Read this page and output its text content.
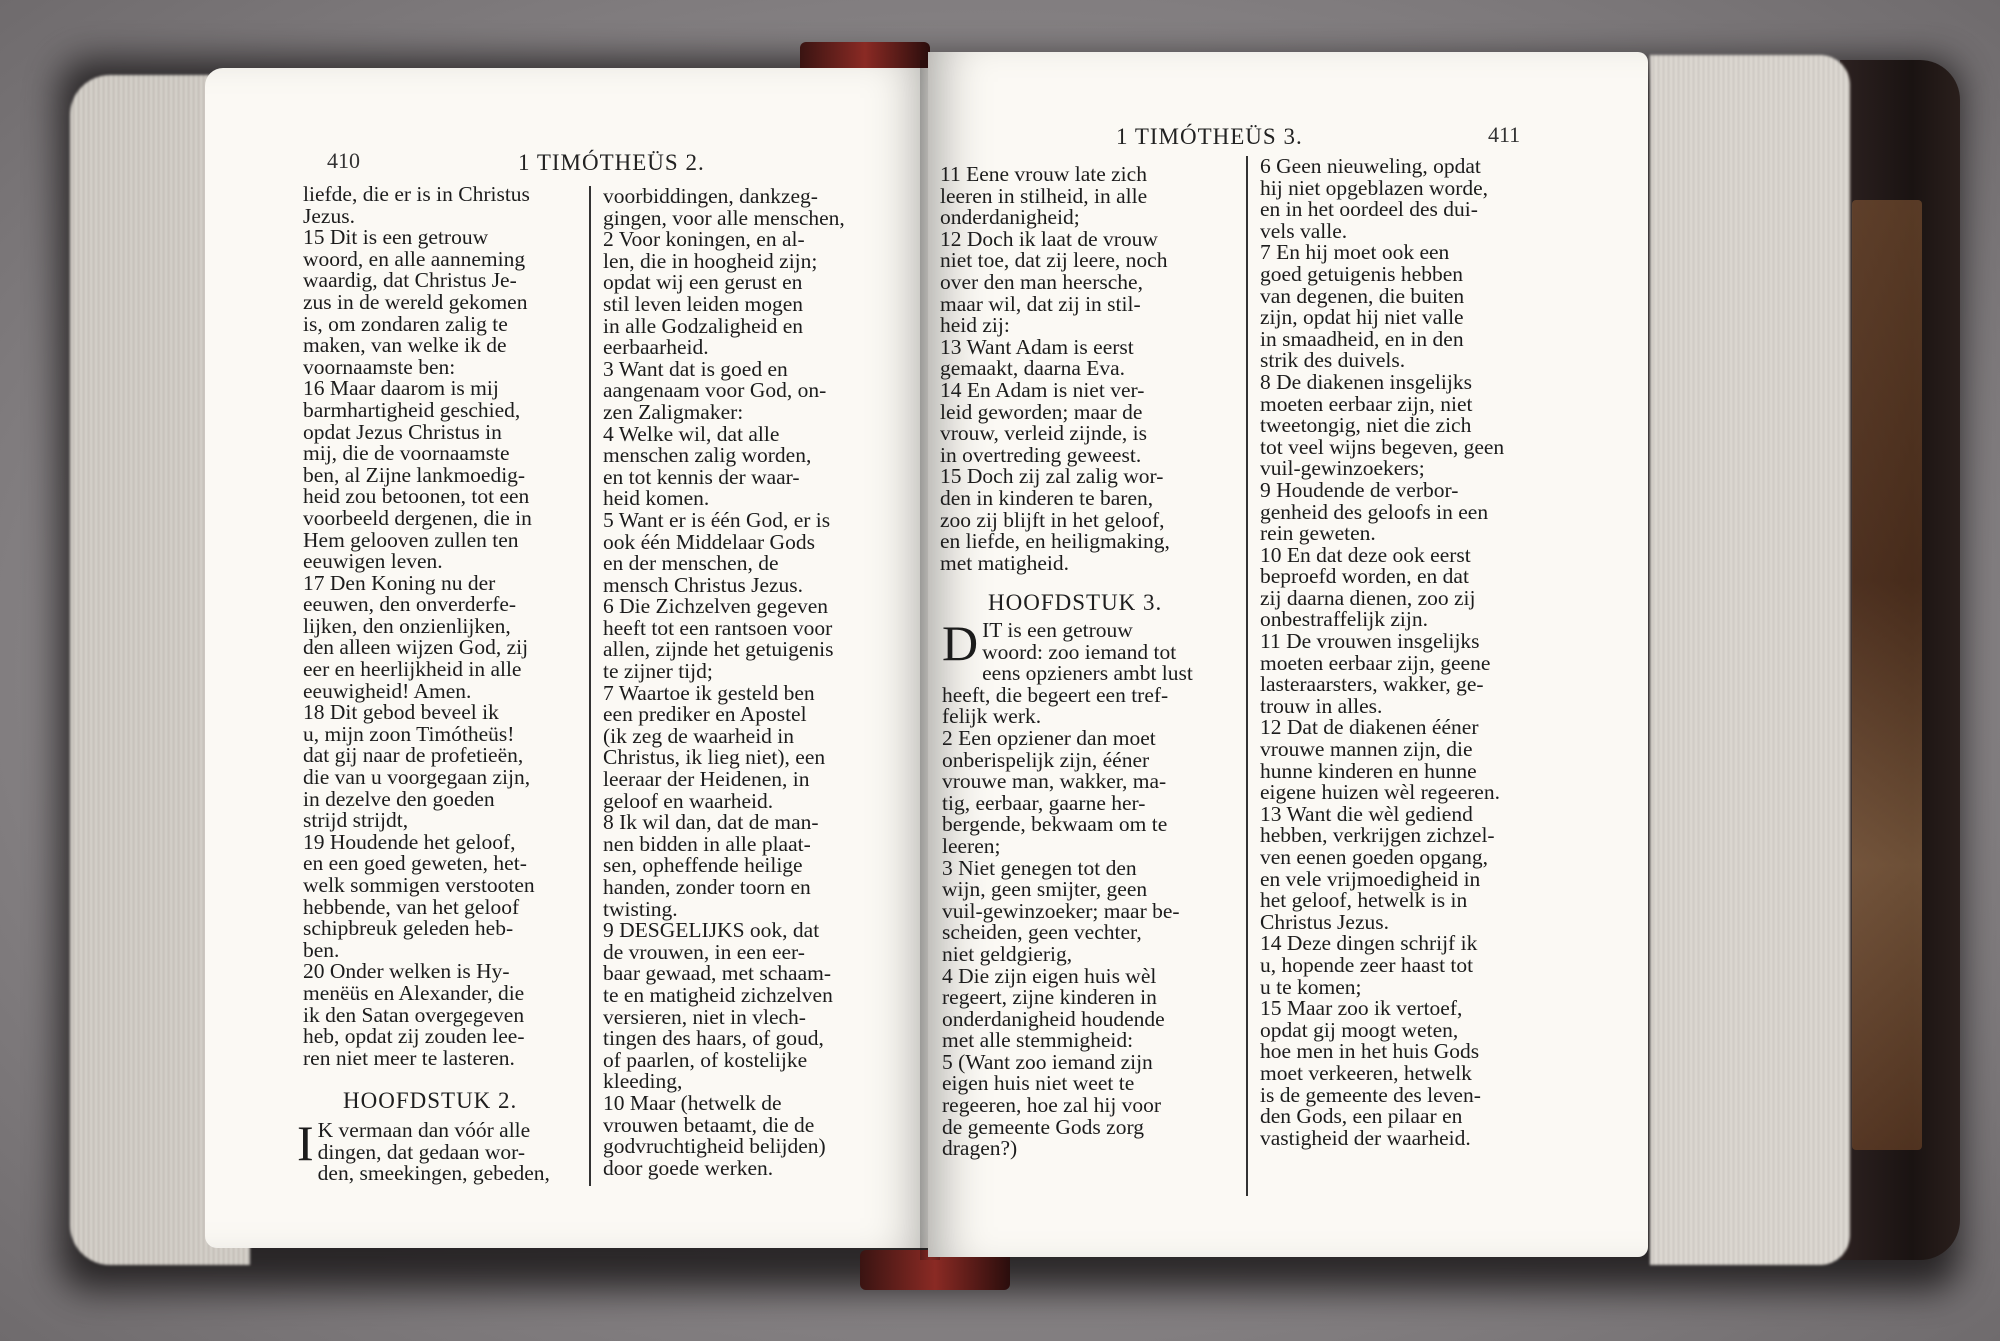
410	1 TIMÓTHEÜS 2.
liefde, die er is in Christus
Jezus.
15 Dit is een getrouw
woord, en alle aanneming
waardig, dat Christus Je-
zus in de wereld gekomen
is, om zondaren zalig te
maken, van welke ik de
voornaamste ben:
16 Maar daarom is mij
barmhartigheid geschied,
opdat Jezus Christus in
mij, die de voornaamste
ben, al Zijne lankmoedig-
heid zou betoonen, tot een
voorbeeld dergenen, die in
Hem gelooven zullen ten
eeuwigen leven.
17 Den Koning nu der
eeuwen, den onverderfe-
lijken, den onzienlijken,
den alleen wijzen God, zij
eer en heerlijkheid in alle
eeuwigheid! Amen.
18 Dit gebod beveel ik
u, mijn zoon Timótheüs!
dat gij naar de profetieën,
die van u voorgegaan zijn,
in dezelve den goeden
strijd strijdt,
19 Houdende het geloof,
en een goed geweten, het-
welk sommigen verstooten
hebbende, van het geloof
schipbreuk geleden heb-
ben.
20 Onder welken is Hy-
menëüs en Alexander, die
ik den Satan overgegeven
heb, opdat zij zouden lee-
ren niet meer te lasteren.
HOOFDSTUK 2.
I K vermaan dan vóór alle
dingen, dat gedaan wor-
den, smeekingen, gebeden,
voorbiddingen, dankzeg-
gingen, voor alle menschen,
2 Voor koningen, en al-
len, die in hoogheid zijn;
opdat wij een gerust en
stil leven leiden mogen
in alle Godzaligheid en
eerbaarheid.
3 Want dat is goed en
aangenaam voor God, on-
zen Zaligmaker:
4 Welke wil, dat alle
menschen zalig worden,
en tot kennis der waar-
heid komen.
5 Want er is één God, er is
ook één Middelaar Gods
en der menschen, de
mensch Christus Jezus.
6 Die Zichzelven gegeven
heeft tot een rantsoen voor
allen, zijnde het getuigenis
te zijner tijd;
7 Waartoe ik gesteld ben
een prediker en Apostel
(ik zeg de waarheid in
Christus, ik lieg niet), een
leeraar der Heidenen, in
geloof en waarheid.
8 Ik wil dan, dat de man-
nen bidden in alle plaat-
sen, opheffende heilige
handen, zonder toorn en
twisting.
9 DESGELIJKS ook, dat
de vrouwen, in een eer-
baar gewaad, met schaam-
te en matigheid zichzelven
versieren, niet in vlech-
tingen des haars, of goud,
of paarlen, of kostelijke
kleeding,
10 Maar (hetwelk de
vrouwen betaamt, die de
godvruchtigheid belijden)
door goede werken.
1 TIMÓTHEÜS 3.	411
11 Eene vrouw late zich
leeren in stilheid, in alle
onderdanigheid;
12 Doch ik laat de vrouw
niet toe, dat zij leere, noch
over den man heersche,
maar wil, dat zij in stil-
heid zij:
13 Want Adam is eerst
gemaakt, daarna Eva.
14 En Adam is niet ver-
leid geworden; maar de
vrouw, verleid zijnde, is
in overtreding geweest.
15 Doch zij zal zalig wor-
den in kinderen te baren,
zoo zij blijft in het geloof,
en liefde, en heiligmaking,
met matigheid.
HOOFDSTUK 3.
DIT is een getrouw
woord: zoo iemand tot
eens opzieners ambt lust
heeft, die begeert een tref-
felijk werk.
2 Een opziener dan moet
onberispelijk zijn, ééner
vrouwe man, wakker, ma-
tig, eerbaar, gaarne her-
bergende, bekwaam om te
leeren;
3 Niet genegen tot den
wijn, geen smijter, geen
vuil-gewinzoeker; maar be-
scheiden, geen vechter,
niet geldgierig,
4 Die zijn eigen huis wèl
regeert, zijne kinderen in
onderdanigheid houdende
met alle stemmigheid:
5 (Want zoo iemand zijn
eigen huis niet weet te
regeeren, hoe zal hij voor
de gemeente Gods zorg
dragen?)
6 Geen nieuweling, opdat
hij niet opgeblazen worde,
en in het oordeel des dui-
vels valle.
7 En hij moet ook een
goed getuigenis hebben
van degenen, die buiten
zijn, opdat hij niet valle
in smaadheid, en in den
strik des duivels.
8 De diakenen insgelijks
moeten eerbaar zijn, niet
tweetongig, niet die zich
tot veel wijns begeven, geen
vuil-gewinzoekers;
9 Houdende de verbor-
genheid des geloofs in een
rein geweten.
10 En dat deze ook eerst
beproefd worden, en dat
zij daarna dienen, zoo zij
onbestraffelijk zijn.
11 De vrouwen insgelijks
moeten eerbaar zijn, geene
lasteraarsters, wakker, ge-
trouw in alles.
12 Dat de diakenen ééner
vrouwe mannen zijn, die
hunne kinderen en hunne
eigene huizen wèl regeeren.
13 Want die wèl gediend
hebben, verkrijgen zichzel-
ven eenen goeden opgang,
en vele vrijmoedigheid in
het geloof, hetwelk is in
Christus Jezus.
14 Deze dingen schrijf ik
u, hopende zeer haast tot
u te komen;
15 Maar zoo ik vertoef,
opdat gij moogt weten,
hoe men in het huis Gods
moet verkeeren, hetwelk
is de gemeente des leven-
den Gods, een pilaar en
vastigheid der waarheid.
